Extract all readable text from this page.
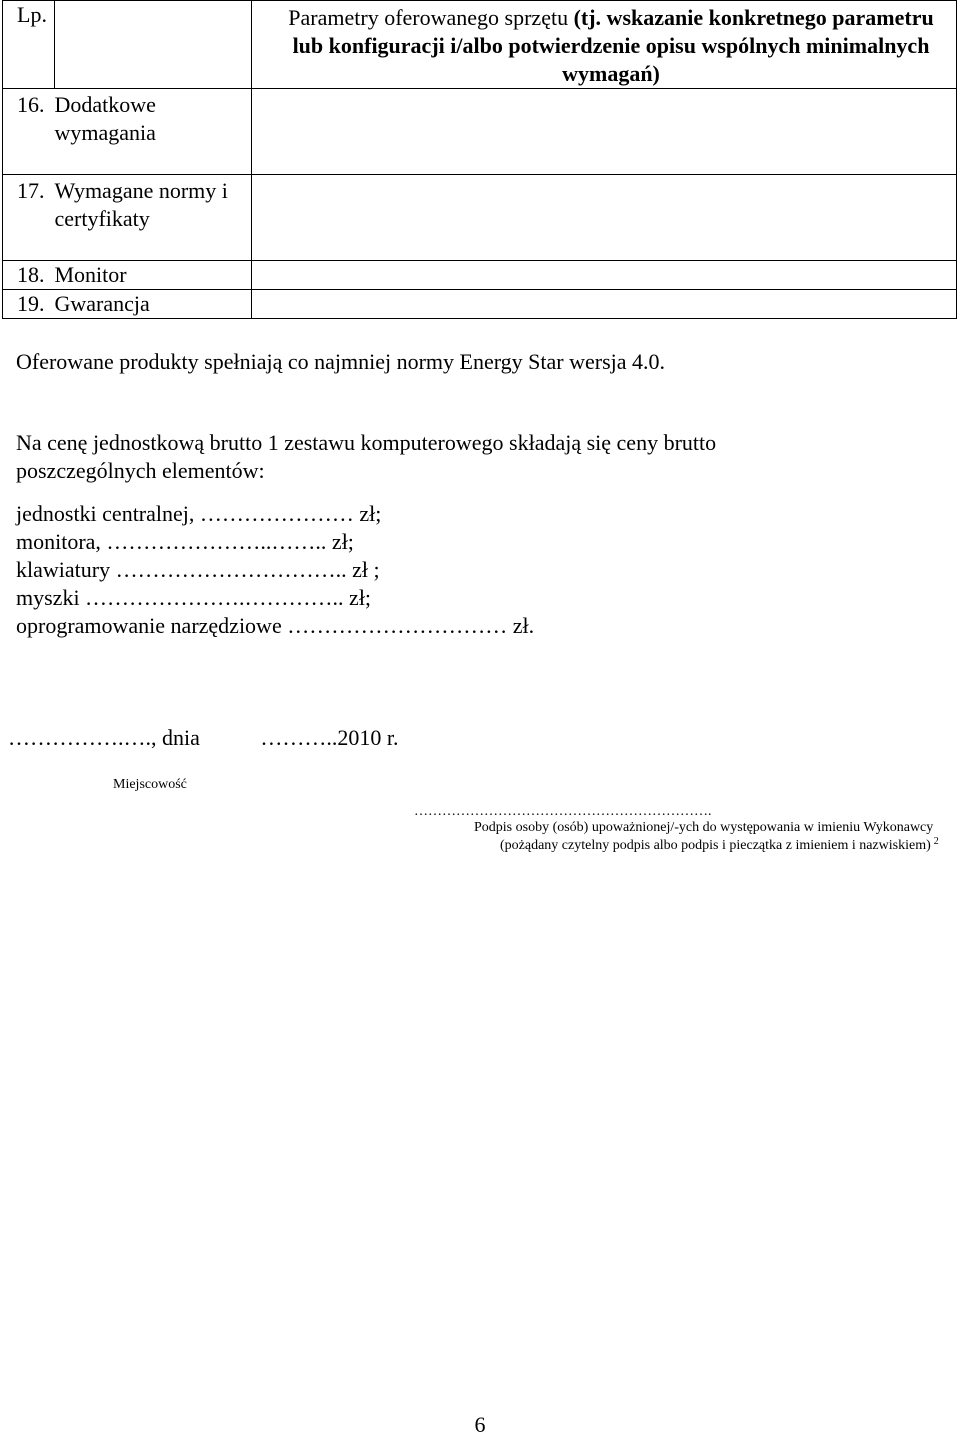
Lp.		Parametry oferowanego sprzętu (tj. wskazanie konkretnego parametru lub konfiguracji i/albo potwierdzenie opisu wspólnych minimalnych wymagań)
16.	Dodatkowe wymagania	
17.	Wymagane normy i certyfikaty	
18.	Monitor	
19.	Gwarancja	
Oferowane produkty spełniają co najmniej normy Energy Star wersja 4.0.
Na cenę jednostkową brutto 1 zestawu komputerowego składają się ceny brutto
poszczególnych elementów:
jednostki centralnej, ………………… zł;
monitora, …………………..…….. zł;
klawiatury ………………………….. zł ;
myszki ………………….………….. zł;
oprogramowanie narzędziowe ………………………… zł.
…………….…., dnia           ………..2010 r.
Miejscowość
……………………………………………………….
Podpis osoby (osób) upoważnionej/-ych do występowania w imieniu Wykonawcy
(pożądany czytelny podpis albo podpis i pieczątka z imieniem i nazwiskiem) $^2$
6
